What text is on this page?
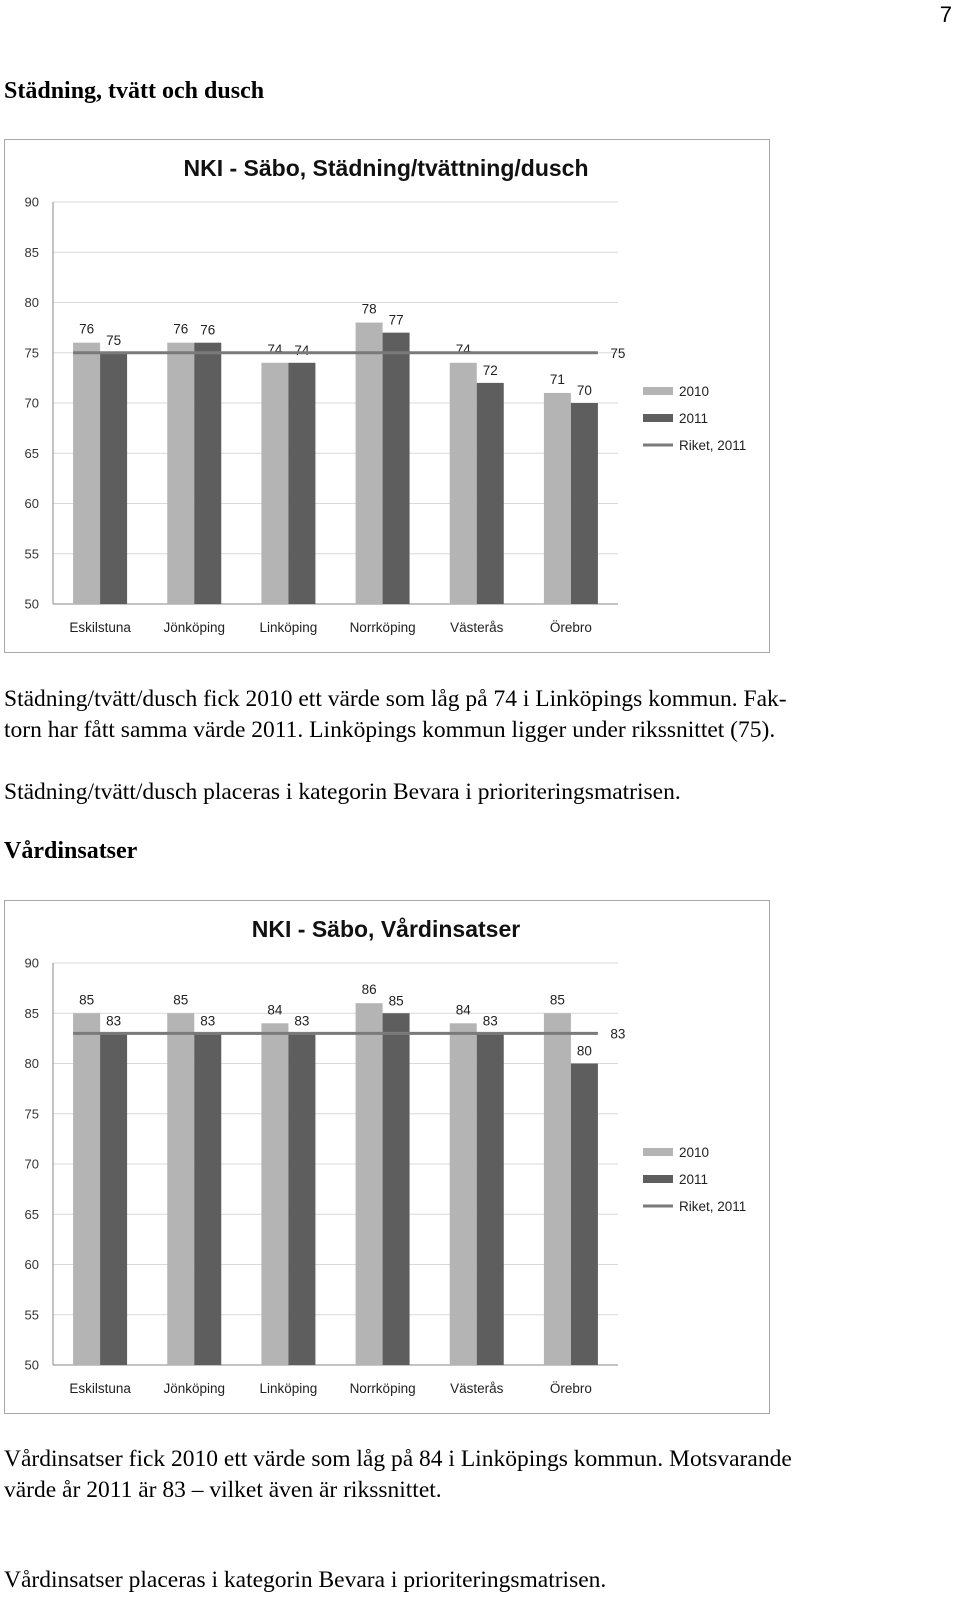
7
Städning, tvätt och dusch
NKI - Säbo, Städning/tvättning/dusch
50
55
60
65
70
75
80
85
90
76
75
Eskilstuna
76 76
Jönköping
74 74
Linköping
78
77
Norrköping
74
72
Västerås
71
70
Örebro
75
2010
2011
Riket, 2011
Städning/tvätt/dusch fick 2010 ett värde som låg på 74 i Linköpings kommun. Fak-
torn har fått samma värde 2011. Linköpings kommun ligger under rikssnittet (75).
Städning/tvätt/dusch placeras i kategorin Bevara i prioriteringsmatrisen.
Vårdinsatser
NKI - Säbo, Vårdinsatser
50
55
60
65
70
75
80
85
90
85
83
Eskilstuna
85
83
Jönköping
84
83
Linköping
86
85
Norrköping
84
83
Västerås
85
80
Örebro
83
2010
2011
Riket, 2011
Vårdinsatser fick 2010 ett värde som låg på 84 i Linköpings kommun. Motsvarande
värde år 2011 är 83 – vilket även är rikssnittet.
Vårdinsatser placeras i kategorin Bevara i prioriteringsmatrisen.
